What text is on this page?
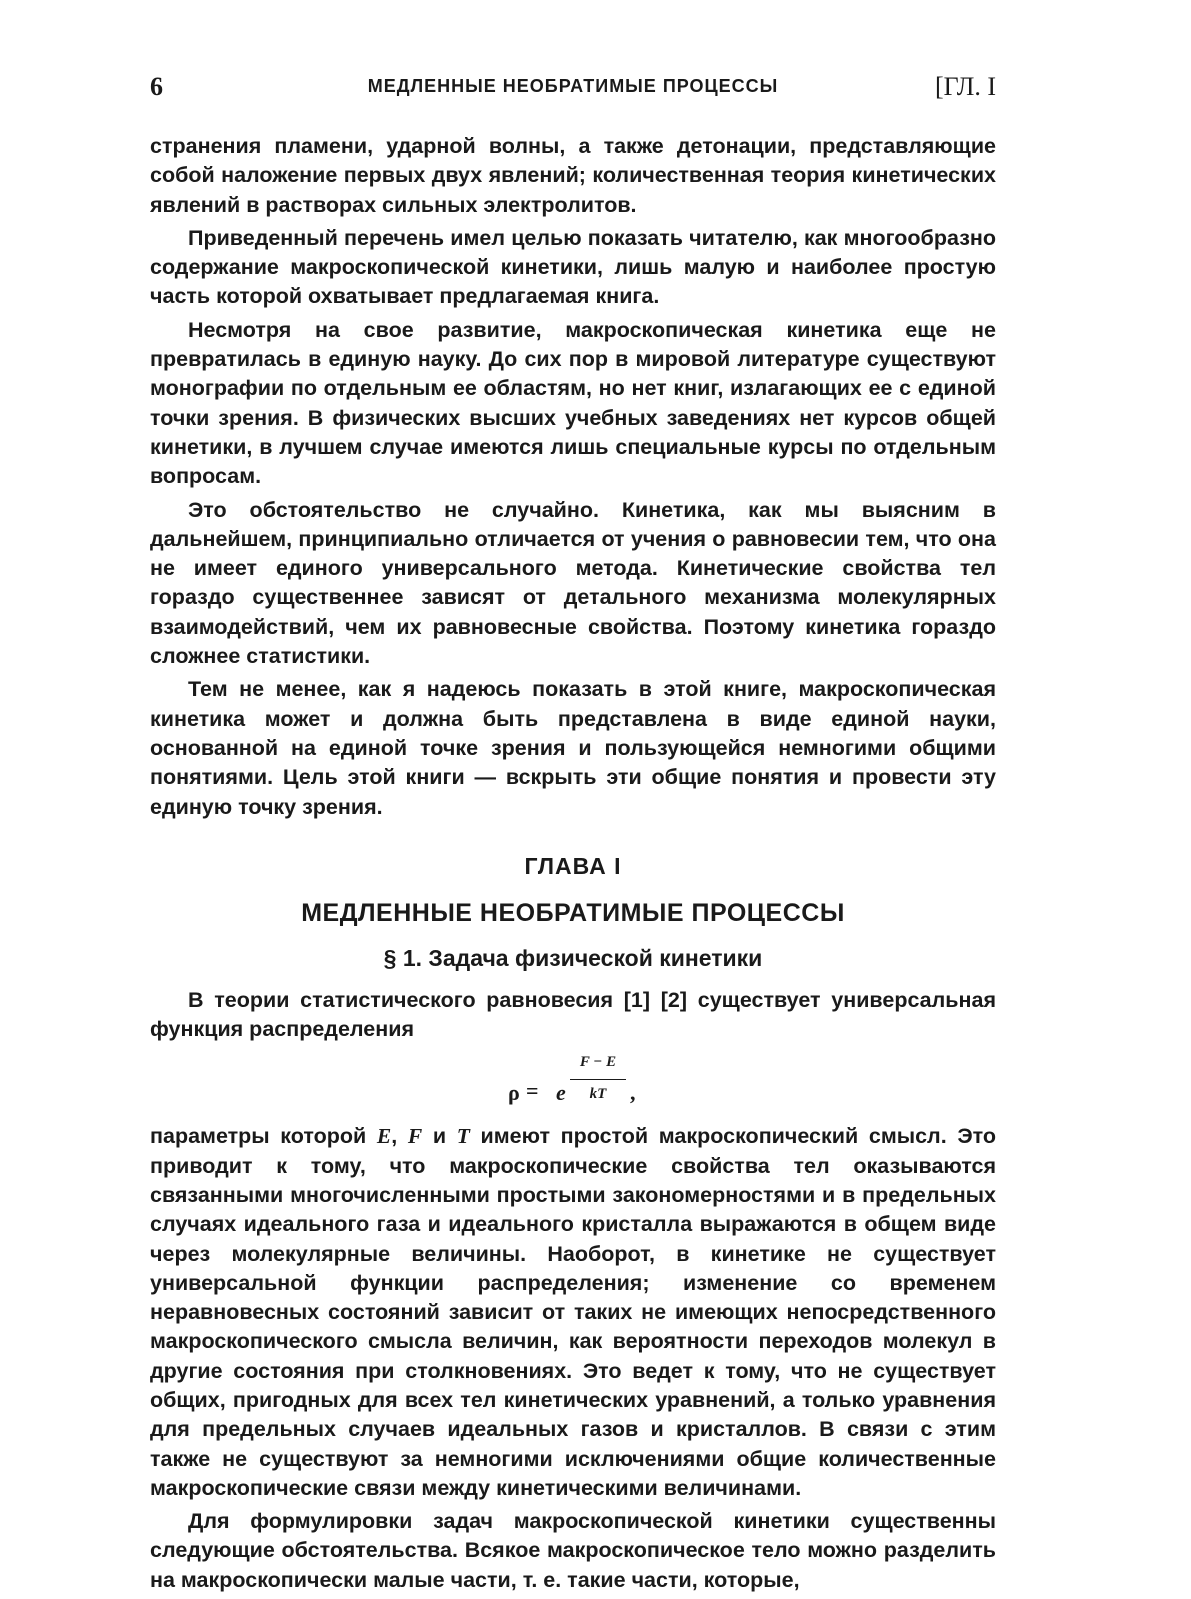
6	МЕДЛЕННЫЕ НЕОБРАТИМЫЕ ПРОЦЕССЫ	[ГЛ. I

странения пламени, ударной волны, а также детонации, представляющие собой наложение первых двух явлений; количественная теория кинетических явлений в растворах сильных электролитов.

Приведенный перечень имел целью показать читателю, как многообразно содержание макроскопической кинетики, лишь малую и наиболее простую часть которой охватывает предлагаемая книга.

Несмотря на свое развитие, макроскопическая кинетика еще не превратилась в единую науку. До сих пор в мировой литературе существуют монографии по отдельным ее областям, но нет книг, излагающих ее с единой точки зрения. В физических высших учебных заведениях нет курсов общей кинетики, в лучшем случае имеются лишь специальные курсы по отдельным вопросам.

Это обстоятельство не случайно. Кинетика, как мы выясним в дальнейшем, принципиально отличается от учения о равновесии тем, что она не имеет единого универсального метода. Кинетические свойства тел гораздо существеннее зависят от детального механизма молекулярных взаимодействий, чем их равновесные свойства. Поэтому кинетика гораздо сложнее статистики.

Тем не менее, как я надеюсь показать в этой книге, макроскопическая кинетика может и должна быть представлена в виде единой науки, основанной на единой точке зрения и пользующейся немногими общими понятиями. Цель этой книги — вскрыть эти общие понятия и провести эту единую точку зрения.

ГЛАВА I
МЕДЛЕННЫЕ НЕОБРАТИМЫЕ ПРОЦЕССЫ
§ 1. Задача физической кинетики

В теории статистического равновесия [1] [2] существует универсальная функция распределения

ρ = e $\frac{F - E}{kT}$ ,

параметры которой E, F и T имеют простой макроскопический смысл. Это приводит к тому, что макроскопические свойства тел оказываются связанными многочисленными простыми закономерностями и в предельных случаях идеального газа и идеального кристалла выражаются в общем виде через молекулярные величины. Наоборот, в кинетике не существует универсальной функции распределения; изменение со временем неравновесных состояний зависит от таких не имеющих непосредственного макроскопического смысла величин, как вероятности переходов молекул в другие состояния при столкновениях. Это ведет к тому, что не существует общих, пригодных для всех тел кинетических уравнений, а только уравнения для предельных случаев идеальных газов и кристаллов. В связи с этим также не существуют за немногими исключениями общие количественные макроскопические связи между кинетическими величинами.

Для формулировки задач макроскопической кинетики существенны следующие обстоятельства. Всякое макроскопическое тело можно разделить на макроскопически малые части, т. е. такие части, которые,
